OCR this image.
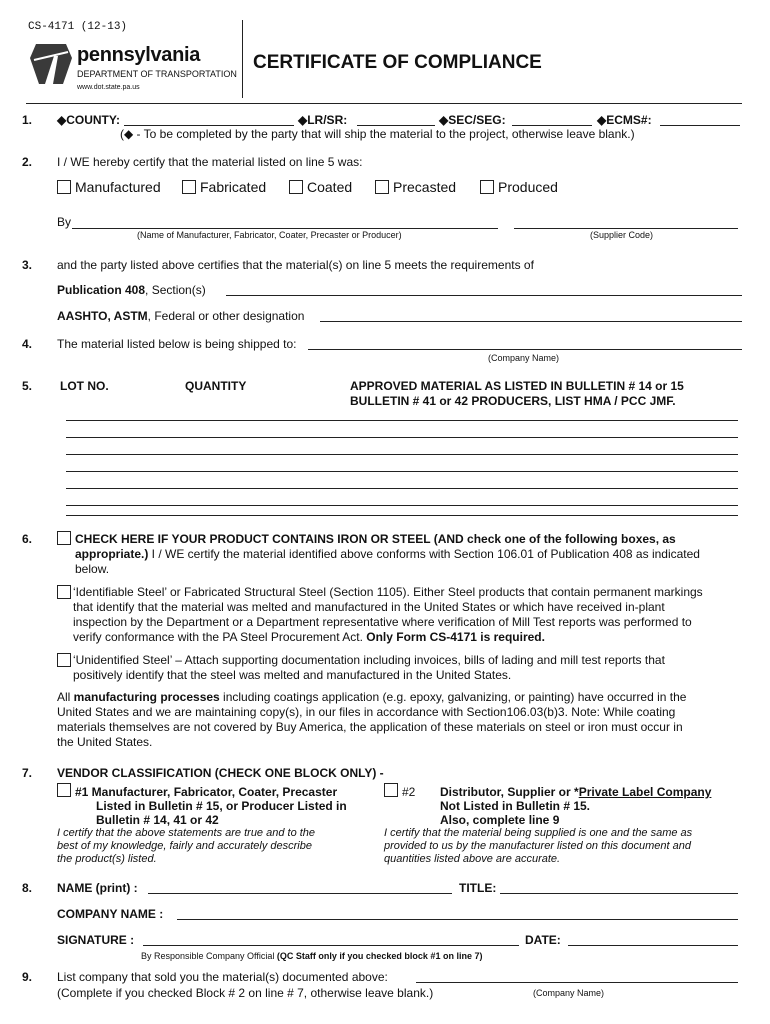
CS-4171 (12-13)
pennsylvania
DEPARTMENT OF TRANSPORTATION
www.dot.state.pa.us
CERTIFICATE OF COMPLIANCE
1. ◆COUNTY:	◆LR/SR:	◆SEC/SEG:	◆ECMS#:
(◆ - To be completed by the party that will ship the material to the project, otherwise leave blank.)
2. I / WE hereby certify that the material listed on line 5 was:
Manufactured	Fabricated	Coated	Precasted	Produced
By
(Name of Manufacturer, Fabricator, Coater, Precaster or Producer)	(Supplier Code)
3. and the party listed above certifies that the material(s) on line 5 meets the requirements of
Publication 408, Section(s)
AASHTO, ASTM, Federal or other designation
4. The material listed below is being shipped to:
(Company Name)
5. LOT NO.	QUANTITY	APPROVED MATERIAL AS LISTED IN BULLETIN # 14 or 15
BULLETIN # 41 or 42 PRODUCERS, LIST HMA / PCC JMF.
6.	CHECK HERE IF YOUR PRODUCT CONTAINS IRON OR STEEL (AND check one of the following boxes, as
appropriate.) I / WE certify the material identified above conforms with Section 106.01 of Publication 408 as indicated
below.
‘Identifiable Steel’ or Fabricated Structural Steel (Section 1105). Either Steel products that contain permanent markings
that identify that the material was melted and manufactured in the United States or which have received in-plant
inspection by the Department or a Department representative where verification of Mill Test reports was performed to
verify conformance with the PA Steel Procurement Act. Only Form CS-4171 is required.
‘Unidentified Steel’ – Attach supporting documentation including invoices, bills of lading and mill test reports that
positively identify that the steel was melted and manufactured in the United States.
All manufacturing processes including coatings application (e.g. epoxy, galvanizing, or painting) have occurred in the
United States and we are maintaining copy(s), in our files in accordance with Section106.03(b)3. Note: While coating
materials themselves are not covered by Buy America, the application of these materials on steel or iron must occur in
the United States.
7. VENDOR CLASSIFICATION (CHECK ONE BLOCK ONLY) -
#1 Manufacturer, Fabricator, Coater, Precaster
Listed in Bulletin # 15, or Producer Listed in
Bulletin # 14, 41 or 42
I certify that the above statements are true and to the
best of my knowledge, fairly and accurately describe
the product(s) listed.
#2 Distributor, Supplier or *Private Label Company
Not Listed in Bulletin # 15.
Also, complete line 9
I certify that the material being supplied is one and the same as
provided to us by the manufacturer listed on this document and
quantities listed above are accurate.
8. NAME (print) :	TITLE:
COMPANY NAME :
SIGNATURE :	DATE:
By Responsible Company Official (QC Staff only if you checked block #1 on line 7)
9. List company that sold you the material(s) documented above:
(Complete if you checked Block # 2 on line # 7, otherwise leave blank.)	(Company Name)
